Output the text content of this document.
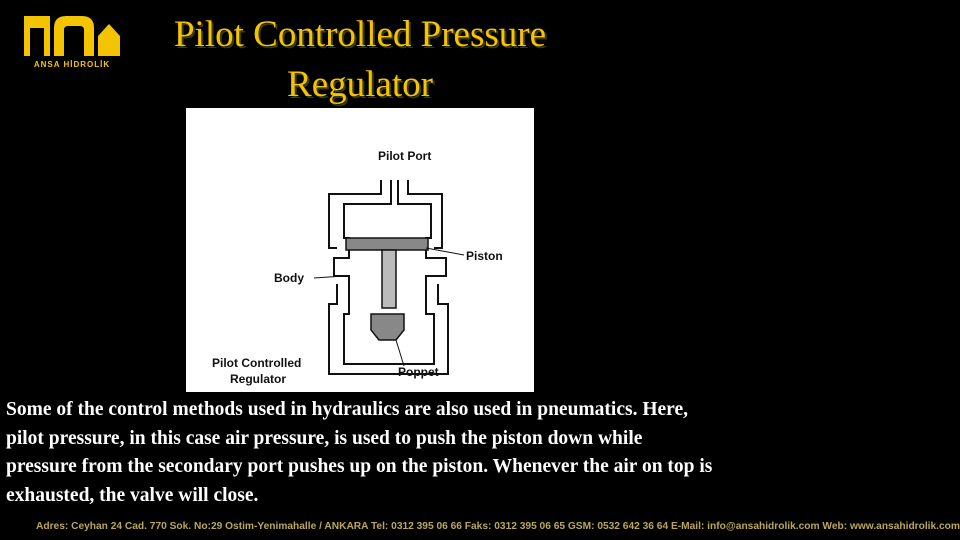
ANSA HİDROLİK
Pilot Controlled Pressure Regulator
Pilot Port
Piston
Body
Poppet
Pilot Controlled
Regulator
Adres: Ceyhan 24 Cad. 770 Sok. No:29 Ostim-Yenimahalle / ANKARA Tel: 0312 395 06 66 Faks: 0312 395 06 65 GSM: 0532 642 36 64 E-Mail: info@ansahidrolik.com Web: www.ansahidrolik.com
Some of the control methods used in hydraulics are also used in pneumatics. Here, pilot pressure, in this case air pressure, is used to push the piston down while pressure from the secondary port pushes up on the piston. Whenever the air on top is exhausted, the valve will close.
